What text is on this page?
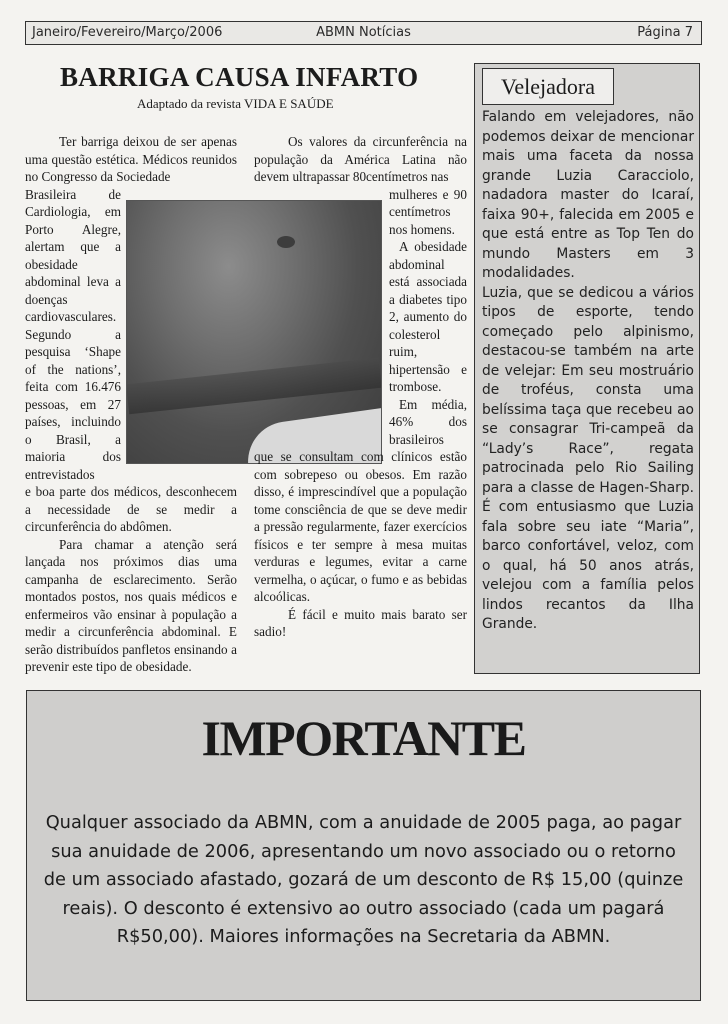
ABMN Notícias
Janeiro/Fevereiro/Março/2006	Página 7
BARRIGA CAUSA INFARTO
Adaptado da revista VIDA E SAÚDE

Ter barriga deixou de ser apenas uma questão estética. Médicos reunidos no Congresso da Sociedade

Brasileira de Cardiologia, em Porto Alegre, alertam que a obesidade abdominal leva a doenças cardiovasculares. Segundo a pesquisa ‘Shape of the nations’, feita com 16.476 pessoas, em 27 países, incluindo o Brasil, a maioria dos entrevistados

e boa parte dos médicos, desconhecem a necessidade de se medir a circunferência do abdômen.

Para chamar a atenção será lançada nos próximos dias uma campanha de esclarecimento. Serão montados postos, nos quais médicos e enfermeiros vão ensinar à população a medir a circunferência abdominal. E serão distribuídos panfletos ensinando a prevenir este tipo de obesidade.

Os valores da circunferência na população da América Latina não devem ultrapassar 80centímetros nas

mulheres e 90 centímetros nos homens.

A obesidade abdominal está associada a diabetes tipo 2, aumento do colesterol ruim, hipertensão e trombose.

Em média, 46% dos brasileiros

que se consultam com clínicos estão com sobrepeso ou obesos. Em razão disso, é imprescindível que a população tome consciência de que se deve medir a pressão regularmente, fazer exercícios físicos e ter sempre à mesa muitas verduras e legumes, evitar a carne vermelha, o açúcar, o fumo e as bebidas alcoólicas.

É fácil e muito mais barato ser sadio!

Velejadora

Falando em velejadores, não podemos deixar de mencionar mais uma faceta da nossa grande Luzia Caracciolo, nadadora master do Icaraí, faixa 90+, falecida em 2005 e que está entre as Top Ten do mundo Masters em 3 modalidades.

Luzia, que se dedicou a vários tipos de esporte, tendo começado pelo alpinismo, destacou-se também na arte de velejar: Em seu mostruário de troféus, consta uma belíssima taça que recebeu ao se consagrar Tri-campeã da “Lady’s Race”, regata patrocinada pelo Rio Sailing para a classe de Hagen-Sharp. É com entusiasmo que Luzia fala sobre seu iate “Maria”, barco confortável, veloz, com o qual, há 50 anos atrás, velejou com a família pelos lindos recantos da Ilha Grande.

IMPORTANTE
Qualquer associado da ABMN, com a anuidade de 2005 paga, ao pagar sua anuidade de 2006, apresentando um novo associado ou o retorno de um associado afastado, gozará de um desconto de R$ 15,00 (quinze reais). O desconto é extensivo ao outro associado (cada um pagará R$50,00). Maiores informações na Secretaria da ABMN.
